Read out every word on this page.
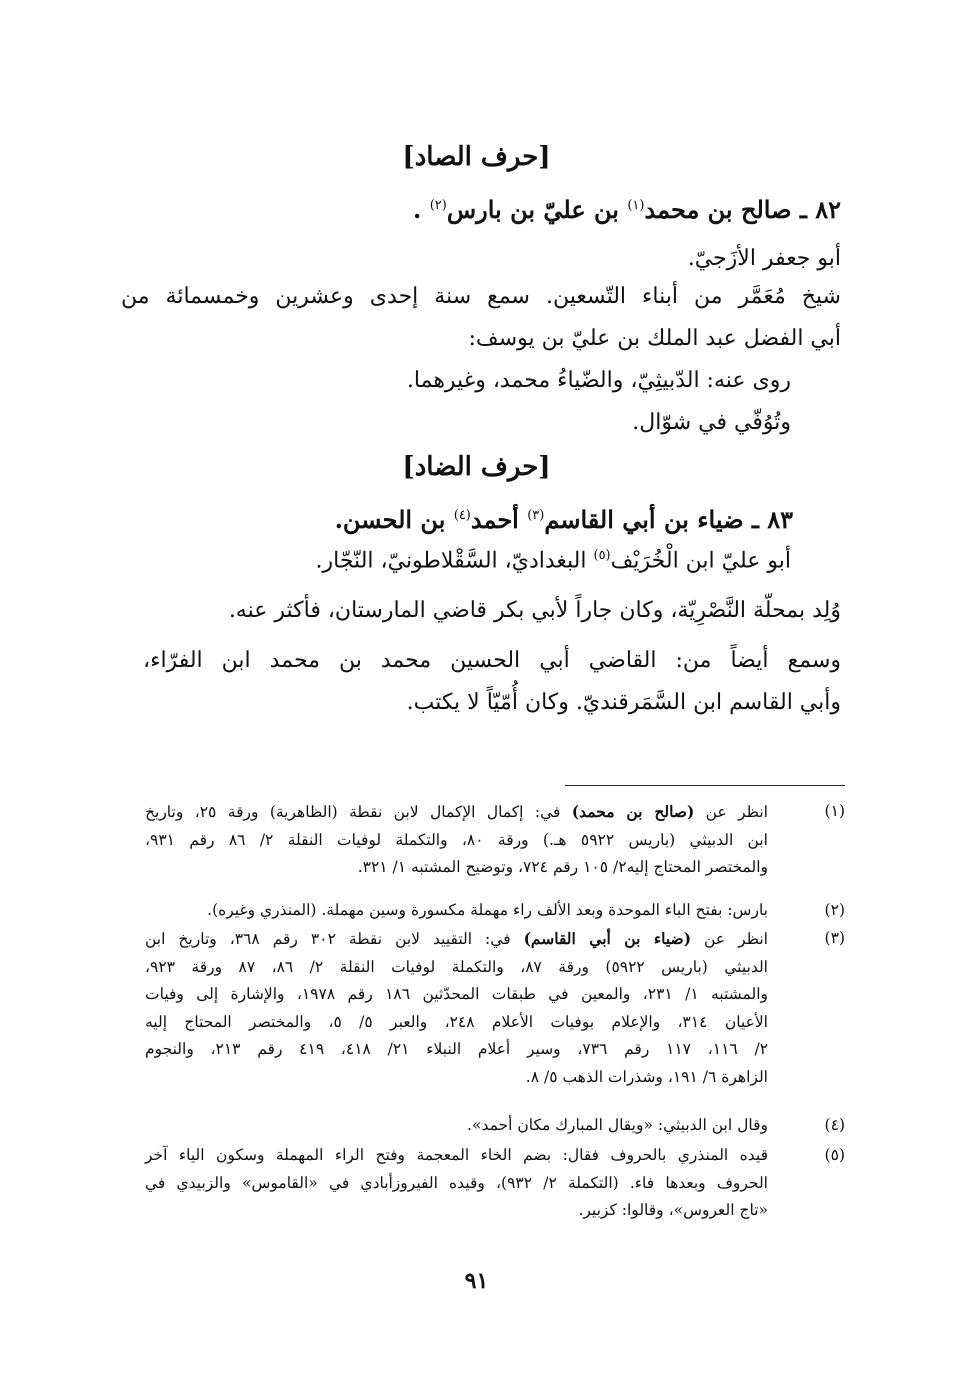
[حرف الصاد]
٨٢ ـ صالح بن محمد$^{(١)}$ بن عليّ بن بارس$^{(٢)}$ .
أبو جعفر الأزَجيّ.
شيخ مُعَمَّر من أبناء التّسعين. سمع سنة إحدى وعشرين وخمسمائة من
أبي الفضل عبد الملك بن عليّ بن يوسف:
روى عنه: الدّبيثِيّ، والضّياءُ محمد، وغيرهما.
وتُوُفّي في شوّال.
[حرف الضاد]
٨٣ ـ ضياء بن أبي القاسم$^{(٣)}$ أحمد$^{(٤)}$ بن الحسن.
أبو عليّ ابن الْخُرَيْف$^{(٥)}$ البغداديّ، السَّقْلاطونيّ، النّجّار.
وُلِد بمحلّة النَّصْرِيّة، وكان جاراً لأبي بكر قاضي المارستان، فأكثر عنه.
وسمع أيضاً من: القاضي أبي الحسين محمد بن محمد ابن الفرّاء،
وأبي القاسم ابن السَّمَرقنديّ. وكان أُمّيّاً لا يكتب.
(١)
انظر عن (صالح بن محمد) في: إكمال الإكمال لابن نقطة (الظاهرية) ورقة ٢٥، وتاريخ
ابن الدبيثي (باريس ٥٩٢٢ هـ.) ورقة ٨٠، والتكملة لوفيات النقلة ٢/ ٨٦ رقم ٩٣١،
والمختصر المحتاج إليه٢/ ١٠٥ رقم ٧٢٤، وتوضيح المشتبه ١/ ٣٢١.
(٢)
بارس: بفتح الباء الموحدة وبعد الألف راء مهملة مكسورة وسين مهملة. (المنذري وغيره).
(٣)
انظر عن (ضياء بن أبي القاسم) في: التقييد لابن نقطة ٣٠٢ رقم ٣٦٨، وتاريخ ابن
الدبيثي (باريس ٥٩٢٢) ورقة ٨٧، والتكملة لوفيات النقلة ٢/ ٨٦، ٨٧ ورقة ٩٢٣،
والمشتبه ١/ ٢٣١، والمعين في طبقات المحدّثين ١٨٦ رقم ١٩٧٨، والإشارة إلى وفيات
الأعيان ٣١٤، والإعلام بوفيات الأعلام ٢٤٨، والعبر ٥/ ٥، والمختصر المحتاج إليه
٢/ ١١٦، ١١٧ رقم ٧٣٦، وسير أعلام النبلاء ٢١/ ٤١٨، ٤١٩ رقم ٢١٣، والنجوم
الزاهرة ٦/ ١٩١، وشذرات الذهب ٥/ ٨.
(٤)
وقال ابن الدبيثي: «ويقال المبارك مكان أحمد».
(٥)
قيده المنذري بالحروف فقال: بضم الخاء المعجمة وفتح الراء المهملة وسكون الياء آخر
الحروف وبعدها فاء. (التكملة ٢/ ٩٣٢)، وقيده الفيروزأبادي في «القاموس» والزبيدي في
«تاج العروس»، وقالوا: كزبير.
٩١
